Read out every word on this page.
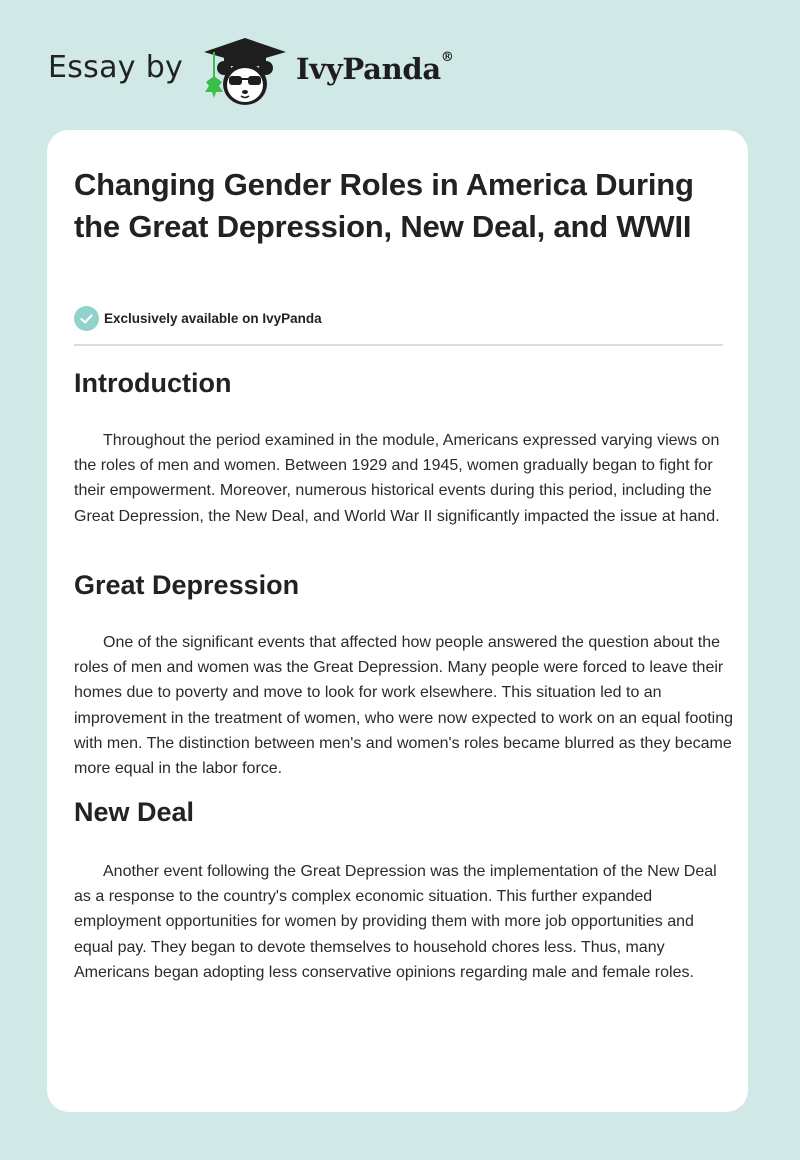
Essay by	IvyPanda®
Changing Gender Roles in America During the Great Depression, New Deal, and WWII
Exclusively available on IvyPanda
Introduction

Throughout the period examined in the module, Americans expressed varying views on the roles of men and women. Between 1929 and 1945, women gradually began to fight for their empowerment. Moreover, numerous historical events during this period, including the Great Depression, the New Deal, and World War II significantly impacted the issue at hand.

Great Depression

One of the significant events that affected how people answered the question about the roles of men and women was the Great Depression. Many people were forced to leave their homes due to poverty and move to look for work elsewhere. This situation led to an improvement in the treatment of women, who were now expected to work on an equal footing with men. The distinction between men's and women's roles became blurred as they became more equal in the labor force.

New Deal

Another event following the Great Depression was the implementation of the New Deal as a response to the country's complex economic situation. This further expanded employment opportunities for women by providing them with more job opportunities and equal pay. They began to devote themselves to household chores less. Thus, many Americans began adopting less conservative opinions regarding male and female roles.
